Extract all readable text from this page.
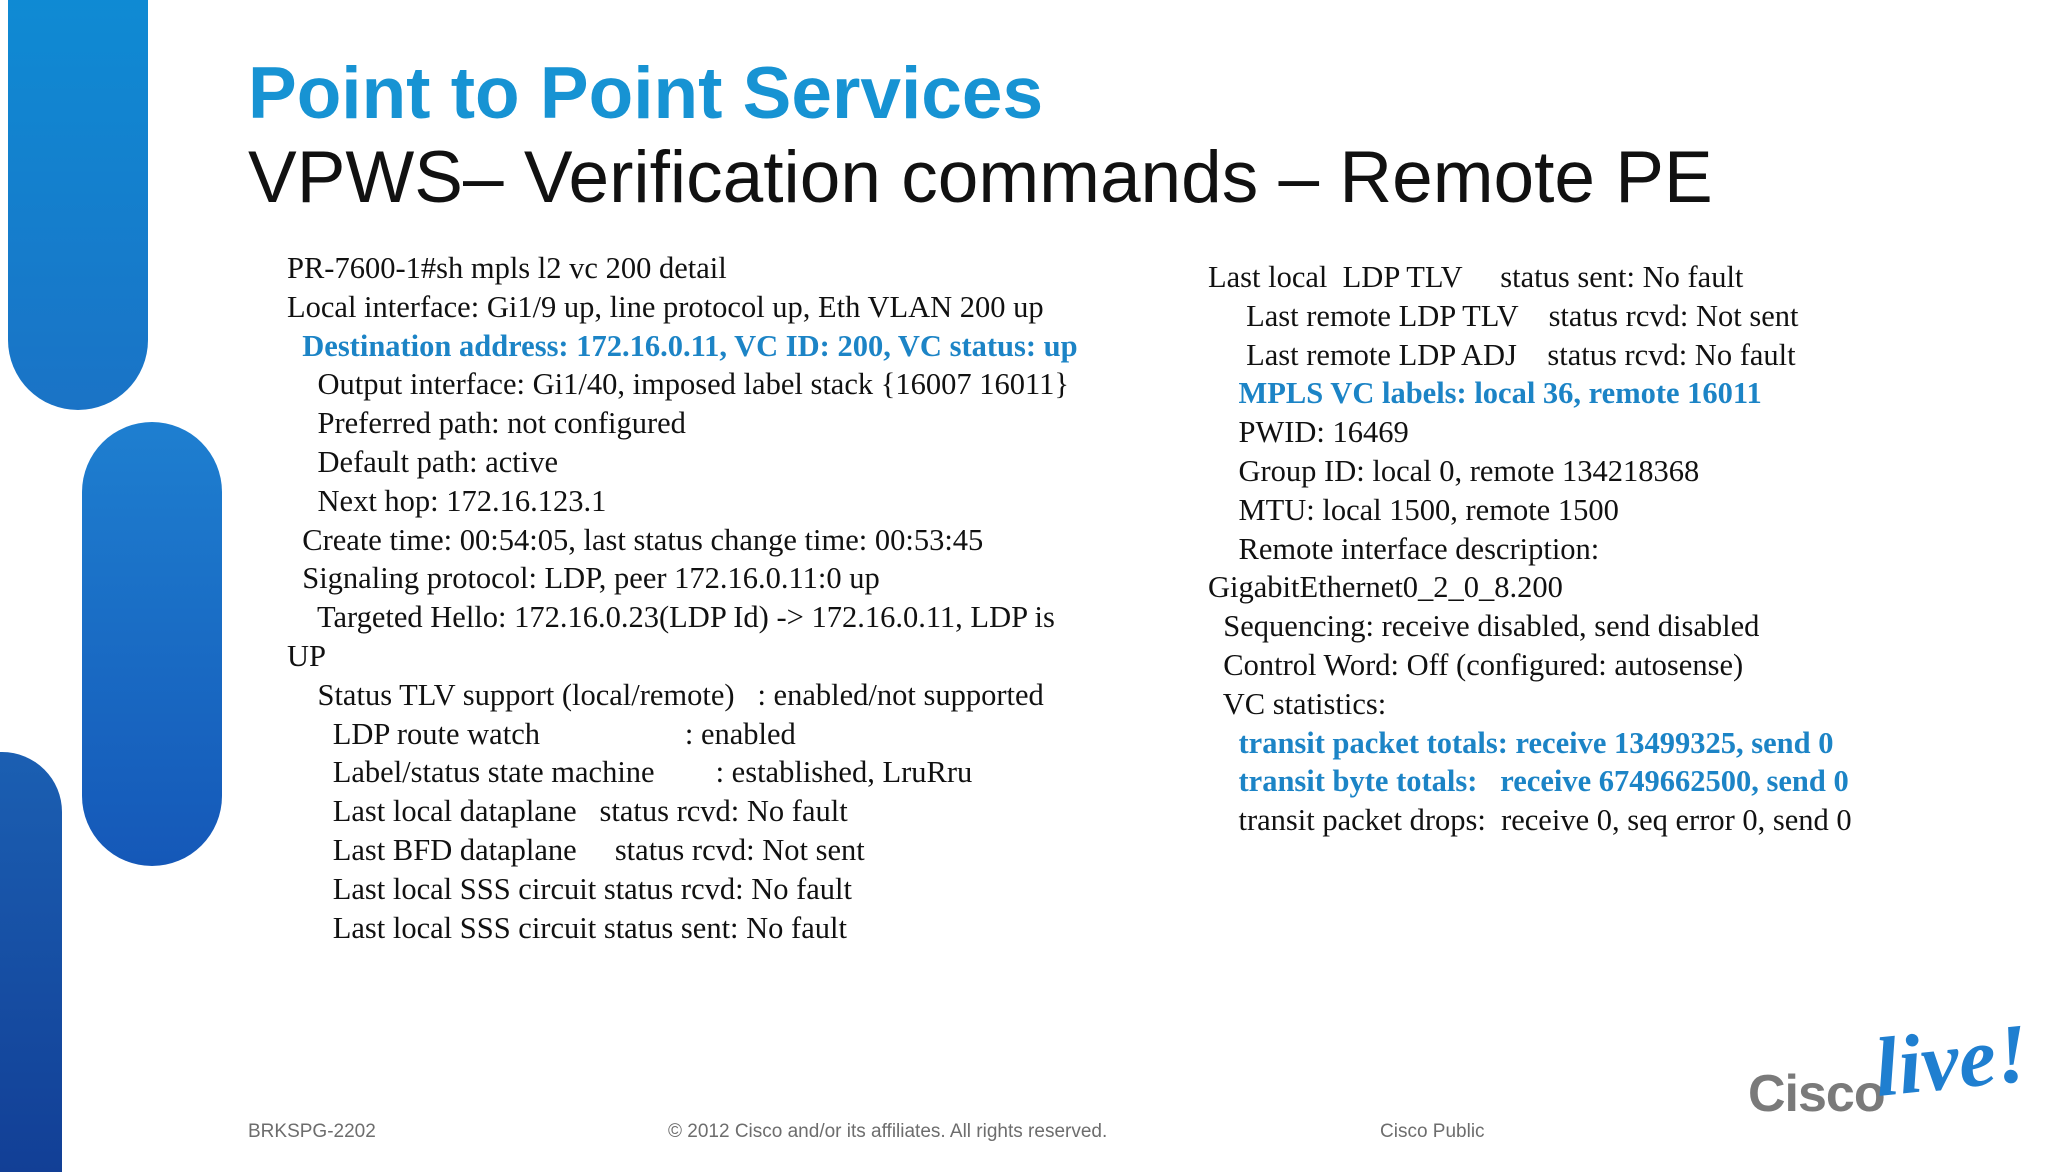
Point to Point Services
VPWS– Verification commands – Remote PE
PR-7600-1#sh mpls l2 vc 200 detail
Local interface: Gi1/9 up, line protocol up, Eth VLAN 200 up
Destination address: 172.16.0.11, VC ID: 200, VC status: up
Output interface: Gi1/40, imposed label stack {16007 16011}
Preferred path: not configured
Default path: active
Next hop: 172.16.123.1
Create time: 00:54:05, last status change time: 00:53:45
Signaling protocol: LDP, peer 172.16.0.11:0 up
Targeted Hello: 172.16.0.23(LDP Id) -> 172.16.0.11, LDP is
UP
Status TLV support (local/remote)   : enabled/not supported
LDP route watch                   : enabled
Label/status state machine        : established, LruRru
Last local dataplane   status rcvd: No fault
Last BFD dataplane     status rcvd: Not sent
Last local SSS circuit status rcvd: No fault
Last local SSS circuit status sent: No fault
Last local  LDP TLV     status sent: No fault
Last remote LDP TLV    status rcvd: Not sent
Last remote LDP ADJ    status rcvd: No fault
MPLS VC labels: local 36, remote 16011
PWID: 16469
Group ID: local 0, remote 134218368
MTU: local 1500, remote 1500
Remote interface description:
GigabitEthernet0_2_0_8.200
Sequencing: receive disabled, send disabled
Control Word: Off (configured: autosense)
VC statistics:
transit packet totals: receive 13499325, send 0
transit byte totals:   receive 6749662500, send 0
transit packet drops:  receive 0, seq error 0, send 0
BRKSPG-2202	© 2012 Cisco and/or its affiliates. All rights reserved.	Cisco Public
Cisco
live!
